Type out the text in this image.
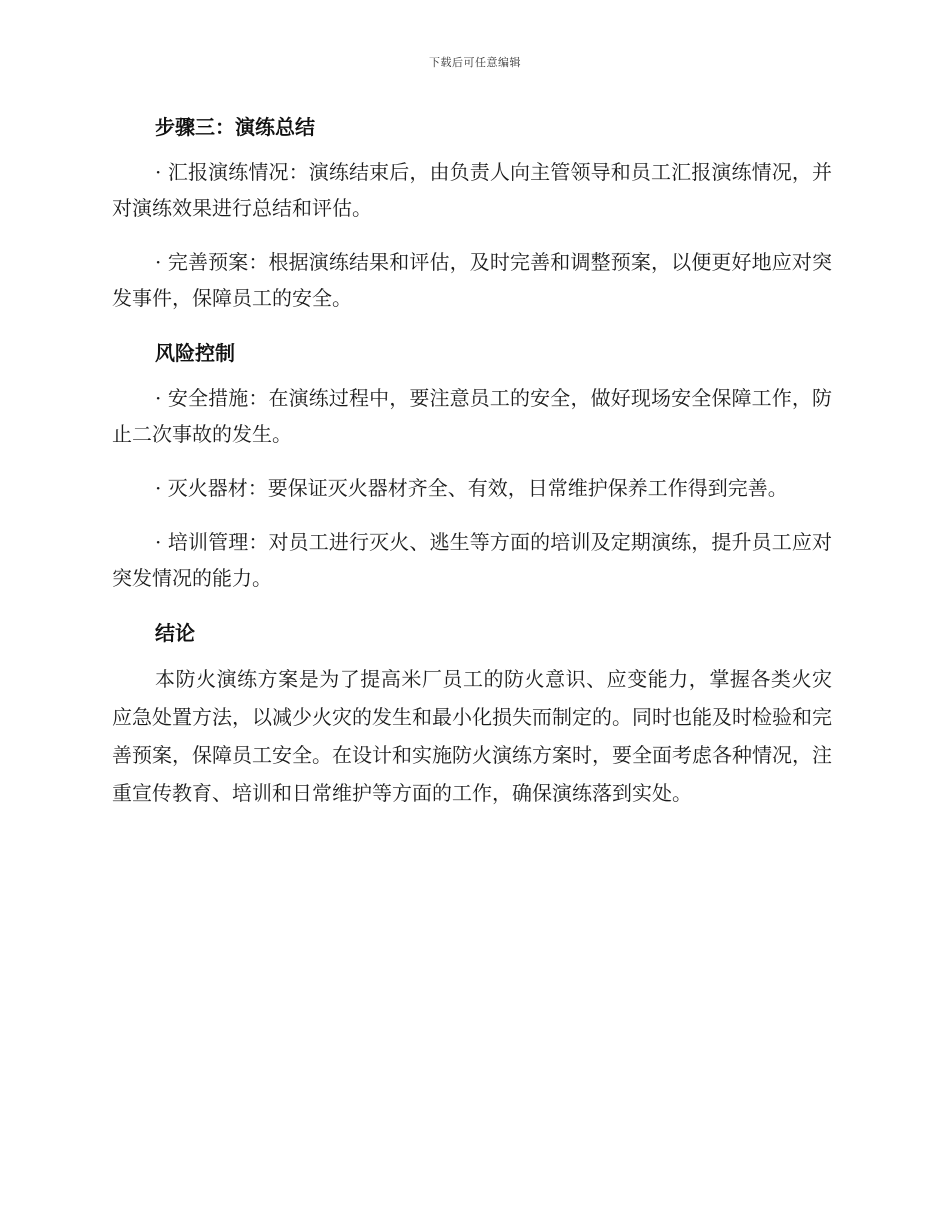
下载后可任意编辑
步骤三：演练总结

· 汇报演练情况：演练结束后，由负责人向主管领导和员工汇报演练情况，并对演练效果进行总结和评估。

· 完善预案：根据演练结果和评估，及时完善和调整预案，以便更好地应对突发事件，保障员工的安全。

风险控制

· 安全措施：在演练过程中，要注意员工的安全，做好现场安全保障工作，防止二次事故的发生。

· 灭火器材：要保证灭火器材齐全、有效，日常维护保养工作得到完善。

· 培训管理：对员工进行灭火、逃生等方面的培训及定期演练，提升员工应对突发情况的能力。

结论

本防火演练方案是为了提高米厂员工的防火意识、应变能力，掌握各类火灾应急处置方法，以减少火灾的发生和最小化损失而制定的。同时也能及时检验和完善预案，保障员工安全。在设计和实施防火演练方案时，要全面考虑各种情况，注重宣传教育、培训和日常维护等方面的工作，确保演练落到实处。
